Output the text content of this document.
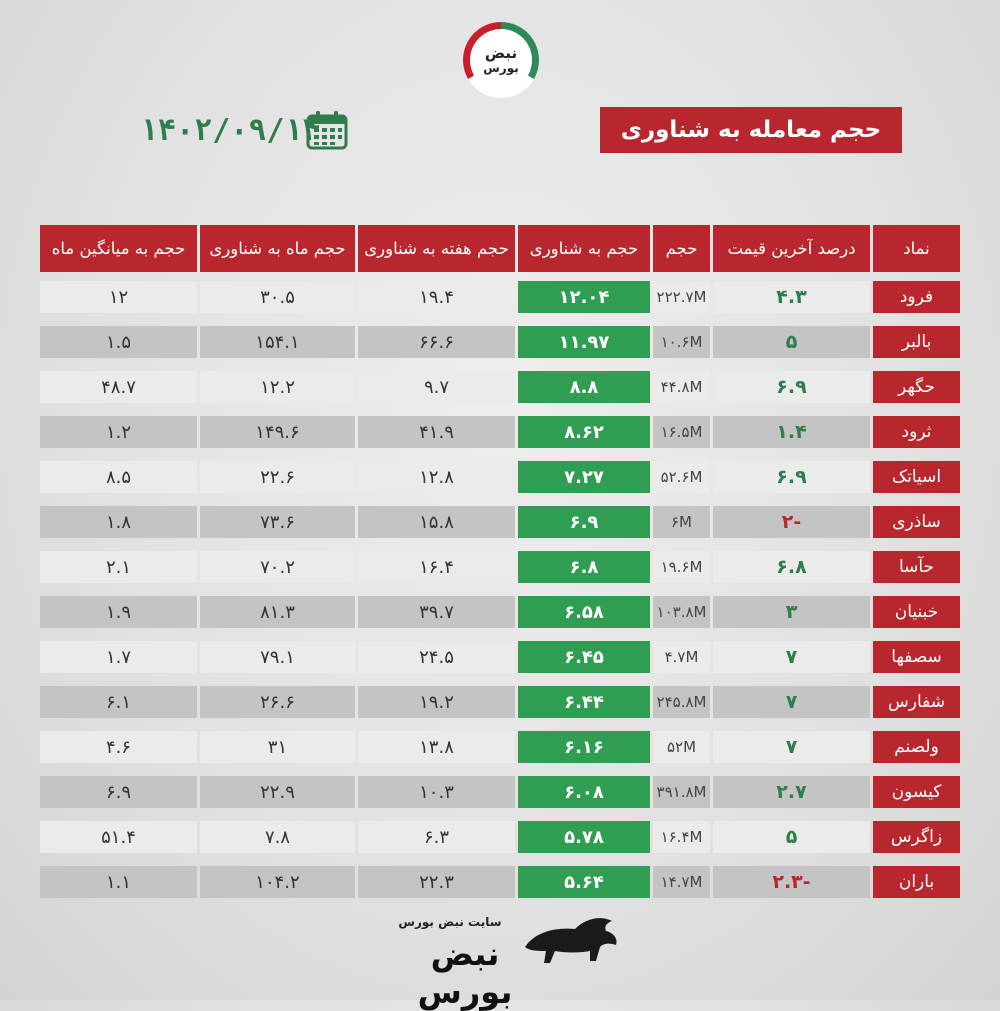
نبض
بورس
حجم معامله به شناوری
۱۴۰۲/۰۹/۱۴
نماد
درصد آخرین قیمت
حجم
حجم به شناوری
حجم هفته به شناوری
حجم ماه به شناوری
حجم به میانگین ماه
فرود
۴.۳
۲۲۲.۷M
۱۲.۰۴
۱۹.۴
۳۰.۵
۱۲
بالبر
۵
۱۰.۶M
۱۱.۹۷
۶۶.۶
۱۵۴.۱
۱.۵
حگهر
۶.۹
۴۴.۸M
۸.۸
۹.۷
۱۲.۲
۴۸.۷
ثرود
۱.۴
۱۶.۵M
۸.۶۲
۴۱.۹
۱۴۹.۶
۱.۲
اسیاتک
۶.۹
۵۲.۶M
۷.۲۷
۱۲.۸
۲۲.۶
۸.۵
ساذری
-۲
۶M
۶.۹
۱۵.۸
۷۳.۶
۱.۸
حآسا
۶.۸
۱۹.۶M
۶.۸
۱۶.۴
۷۰.۲
۲.۱
خبنیان
۳
۱۰۳.۸M
۶.۵۸
۳۹.۷
۸۱.۳
۱.۹
سصفها
۷
۴.۷M
۶.۴۵
۲۴.۵
۷۹.۱
۱.۷
شفارس
۷
۲۴۵.۸M
۶.۴۴
۱۹.۲
۲۶.۶
۶.۱
ولصنم
۷
۵۲M
۶.۱۶
۱۳.۸
۳۱
۴.۶
کیسون
۲.۷
۳۹۱.۸M
۶.۰۸
۱۰.۳
۲۲.۹
۶.۹
زاگرس
۵
۱۶.۴M
۵.۷۸
۶.۳
۷.۸
۵۱.۴
باران
-۲.۳
۱۴.۷M
۵.۶۴
۲۲.۳
۱۰۴.۲
۱.۱
سایت نبض بورس
نبض بورس
